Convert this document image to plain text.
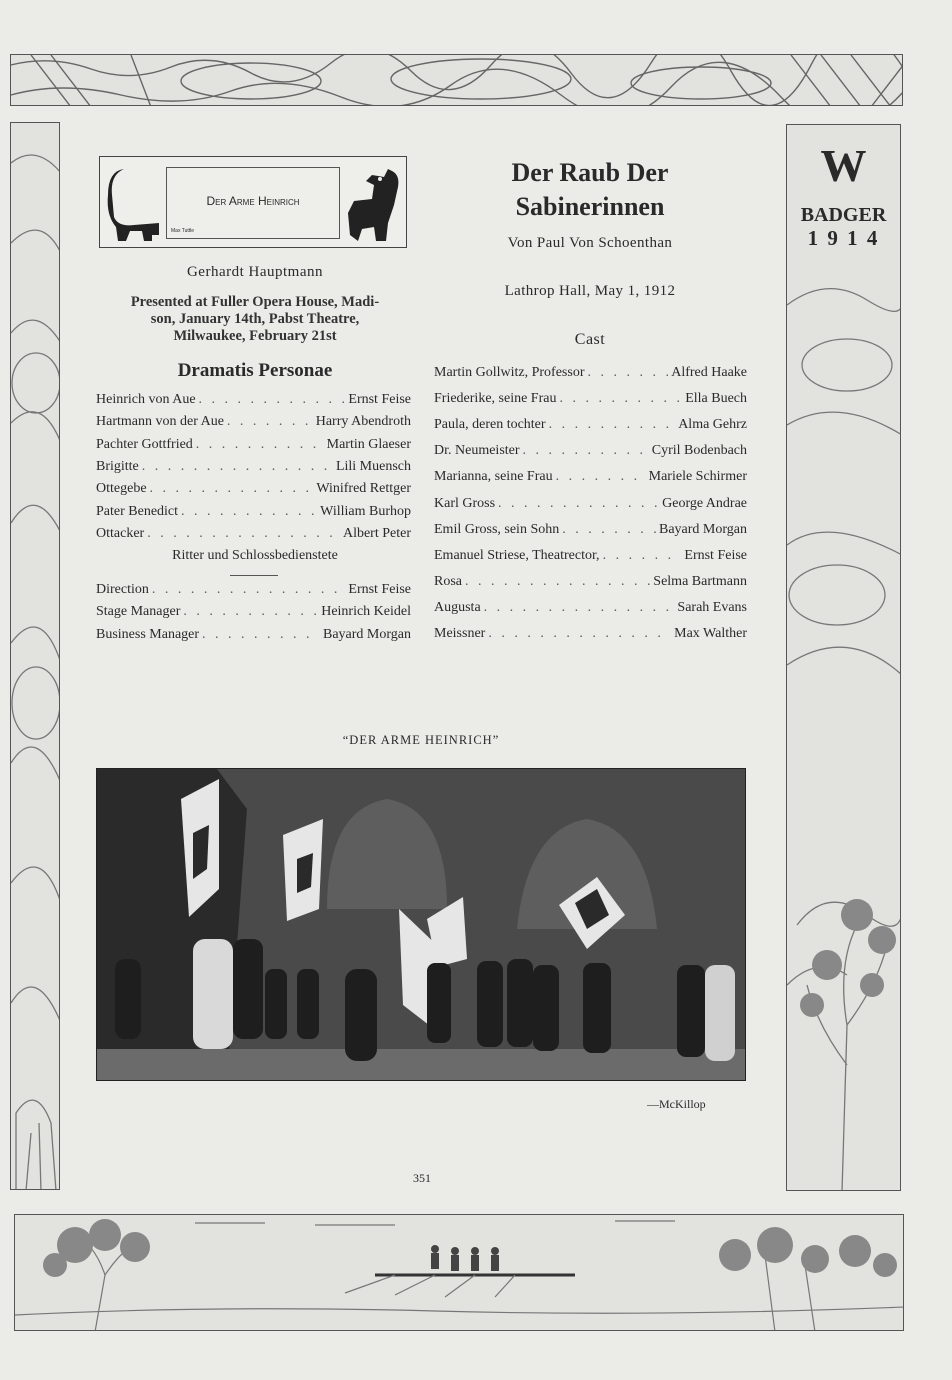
W
BADGER
1 9 1 4
Der Arme Heinrich
Max Tuttle
Gerhardt Hauptmann
Presented at Fuller Opera House, Madi-
son, January 14th, Pabst Theatre,
Milwaukee, February 21st
Dramatis Personae
Heinrich von Aue . . .	Ernst Feise
Hartmann von der Aue . . .	Harry Abendroth
Pachter Gottfried . . .	Martin Glaeser
Brigitte . . .	Lili Muensch
Ottegebe . . .	Winifred Rettger
Pater Benedict . . .	William Burhop
Ottacker . . .	Albert Peter
Ritter und Schlossbedienstete
Direction . . .	Ernst Feise
Stage Manager . . .	Heinrich Keidel
Business Manager . . .	Bayard Morgan
Der Raub Der
Sabinerinnen
Von Paul Von Schoenthan
Lathrop Hall, May 1, 1912
Cast
Martin Gollwitz, Professor . . .	Alfred Haake
Friederike, seine Frau . . .	Ella Buech
Paula, deren tochter . . .	Alma Gehrz
Dr. Neumeister . . .	Cyril Bodenbach
Marianna, seine Frau . . .	Mariele Schirmer
Karl Gross . . .	George Andrae
Emil Gross, sein Sohn . . .	Bayard Morgan
Emanuel Striese, Theatrector, . . .	Ernst Feise
Rosa . . .	Selma Bartmann
Augusta . . .	Sarah Evans
Meissner . . .	Max Walther
“DER ARME HEINRICH”
—McKillop
351
